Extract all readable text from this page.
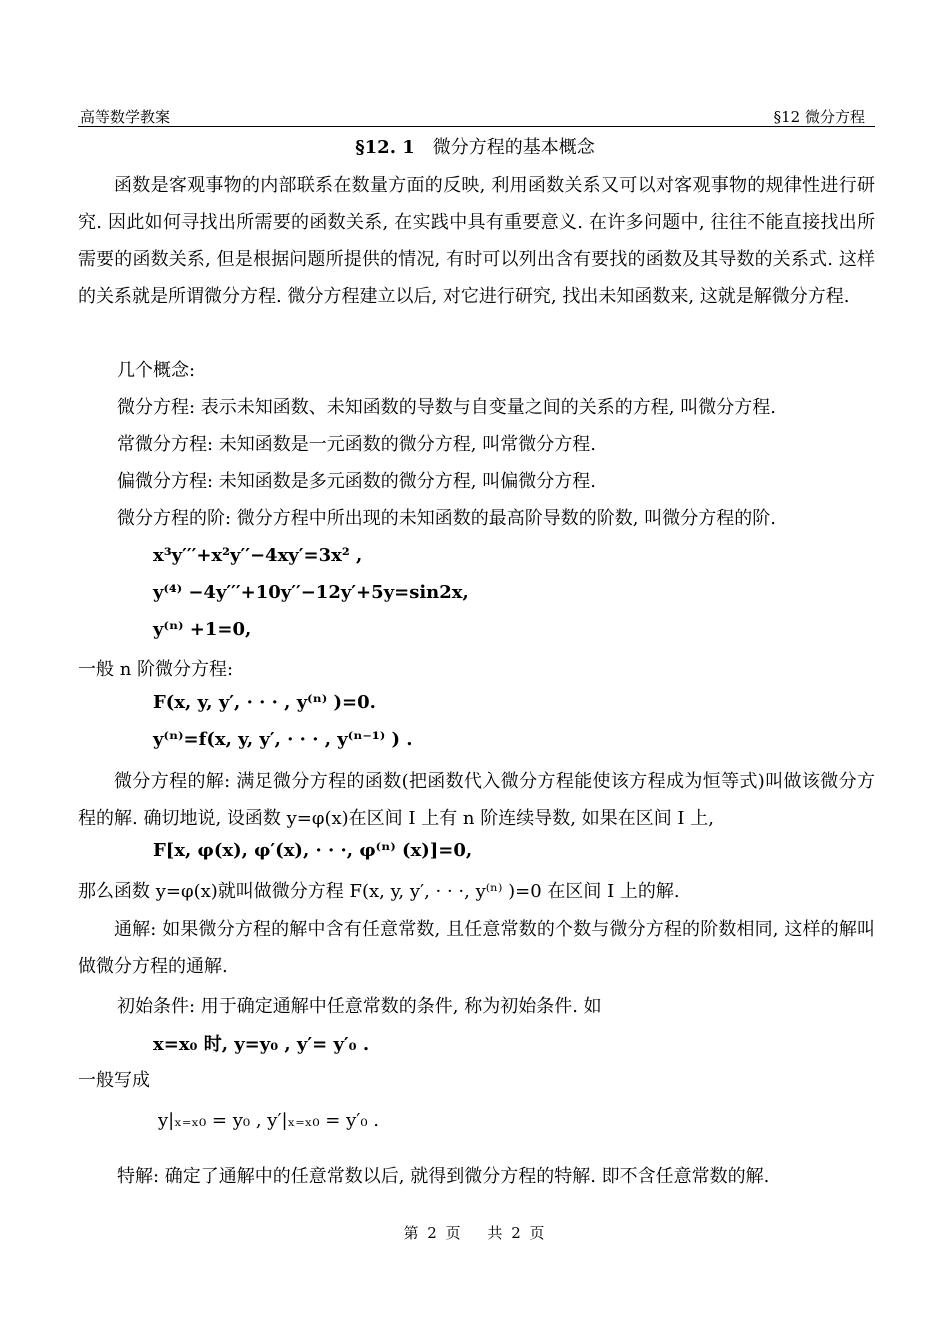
高等数学教案	§12 微分方程
§12. 1 微分方程的基本概念
函数是客观事物的内部联系在数量方面的反映, 利用函数关系又可以对客观事物的规律性进行研究. 因此如何寻找出所需要的函数关系, 在实践中具有重要意义. 在许多问题中, 往往不能直接找出所需要的函数关系, 但是根据问题所提供的情况, 有时可以列出含有要找的函数及其导数的关系式. 这样的关系就是所谓微分方程. 微分方程建立以后, 对它进行研究, 找出未知函数来, 这就是解微分方程.
几个概念:
微分方程: 表示未知函数、未知函数的导数与自变量之间的关系的方程, 叫微分方程.
常微分方程: 未知函数是一元函数的微分方程, 叫常微分方程.
偏微分方程: 未知函数是多元函数的微分方程, 叫偏微分方程.
微分方程的阶: 微分方程中所出现的未知函数的最高阶导数的阶数, 叫微分方程的阶.
x³y′′′+x²y′′−4xy′=3x² ,
y⁽⁴⁾ −4y′′′+10y′′−12y′+5y=sin2x,
y⁽ⁿ⁾ +1=0,
一般 n 阶微分方程:
F(x, y, y′, · · · , y⁽ⁿ⁾ )=0.
y⁽ⁿ⁾=f(x, y, y′, · · · , y⁽ⁿ⁻¹⁾ ) .
微分方程的解: 满足微分方程的函数(把函数代入微分方程能使该方程成为恒等式)叫做该微分方程的解. 确切地说, 设函数 y=φ(x)在区间 I 上有 n 阶连续导数, 如果在区间 I 上,
F[x, φ(x), φ′(x), · · ·, φ⁽ⁿ⁾ (x)]=0,
那么函数 y=φ(x)就叫做微分方程 F(x, y, y′, · · ·, y⁽ⁿ⁾ )=0 在区间 I 上的解.
通解: 如果微分方程的解中含有任意常数, 且任意常数的个数与微分方程的阶数相同, 这样的解叫做微分方程的通解.
初始条件: 用于确定通解中任意常数的条件, 称为初始条件. 如
x=x₀ 时, y=y₀ , y′= y′₀ .
一般写成
y|ₓ₌ₓ₀ = y₀ , y′|ₓ₌ₓ₀ = y′₀ .
特解: 确定了通解中的任意常数以后, 就得到微分方程的特解. 即不含任意常数的解.
第 2 页 共 2 页
